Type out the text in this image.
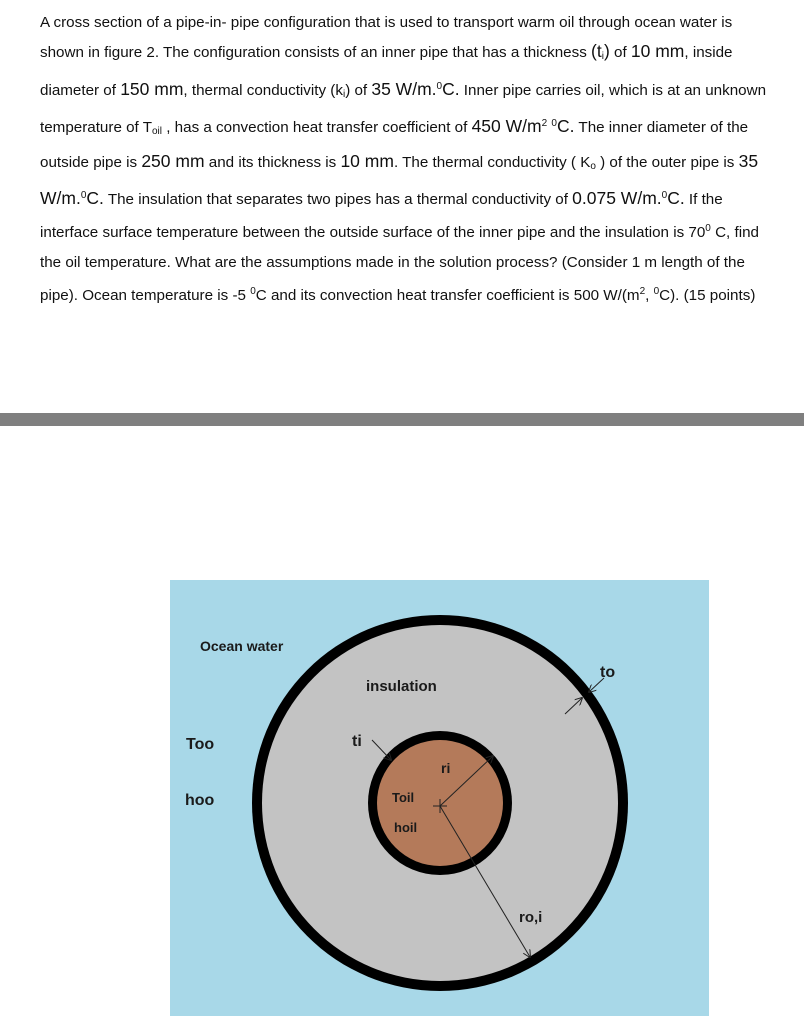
A cross section of a pipe-in- pipe configuration that is used to transport warm oil through ocean water is shown in figure 2. The configuration consists of an inner pipe that has a thickness $(t_i)$ of 10 mm, inside diameter of 150 mm, thermal conductivity $(k_i)$ of 35 W/m.$^0$C. Inner pipe carries oil, which is at an unknown temperature of $T_{oil}$ , has a convection heat transfer coefficient of 450 $W/m^2$ $^0$C. The inner diameter of the outside pipe is 250 mm and its thickness is 10 mm. The thermal conductivity ( $K_o$ ) of the outer pipe is 35 W/m.$^0$C. The insulation that separates two pipes has a thermal conductivity of 0.075 W/m.$^0$C. If the interface surface temperature between the outside surface of the inner pipe and the insulation is $70^0$ C, find the oil temperature. What are the assumptions made in the solution process? (Consider 1 m length of the pipe). Ocean temperature is -5 $^0$C and its convection heat transfer coefficient is 500 $W/(m^2$, $^0$C). (15 points)

Ocean water
insulation
Too
hoo
ti
ri
Toil
hoil
to
ro,i
